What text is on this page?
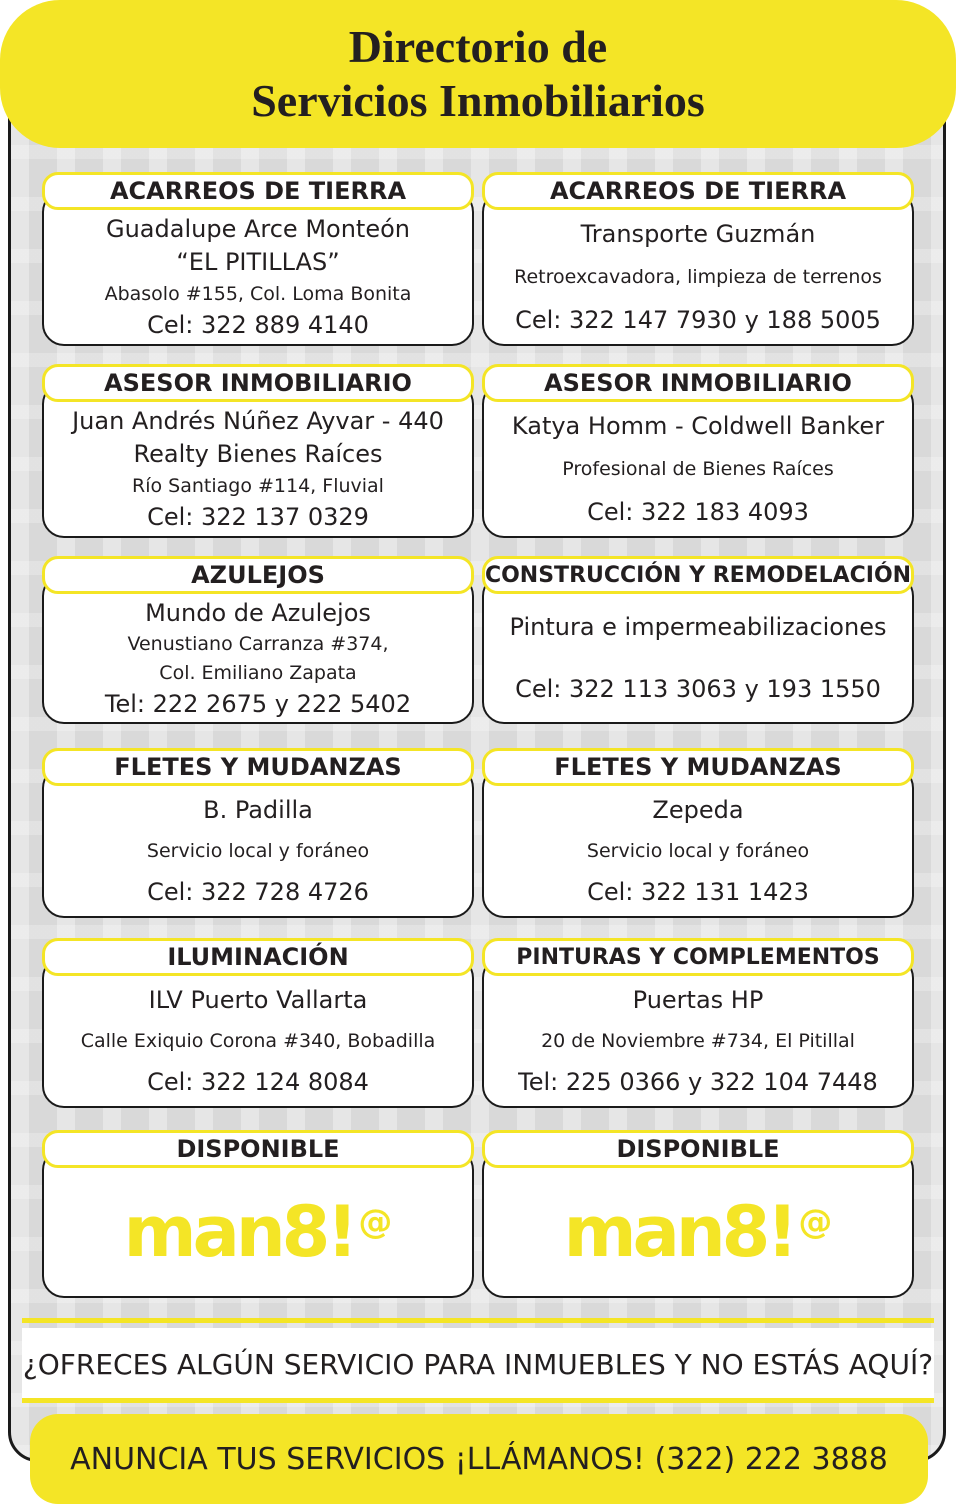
Directorio de
Servicios Inmobiliarios
ACARREOS DE TIERRA
Guadalupe Arce Monteón
“EL PITILLAS”
Abasolo #155, Col. Loma Bonita
Cel: 322 889 4140
ACARREOS DE TIERRA
Transporte Guzmán
Retroexcavadora, limpieza de terrenos
Cel: 322 147 7930 y 188 5005
ASESOR INMOBILIARIO
Juan Andrés Núñez Ayvar - 440
Realty Bienes Raíces
Río Santiago #114, Fluvial
Cel: 322 137 0329
ASESOR INMOBILIARIO
Katya Homm - Coldwell Banker
Profesional de Bienes Raíces
Cel: 322 183 4093
AZULEJOS
Mundo de Azulejos
Venustiano Carranza #374,
Col. Emiliano Zapata
Tel: 222 2675 y 222 5402
CONSTRUCCIÓN Y REMODELACIÓN
Pintura e impermeabilizaciones
Cel: 322 113 3063 y 193 1550
FLETES Y MUDANZAS
B. Padilla
Servicio local y foráneo
Cel: 322 728 4726
FLETES Y MUDANZAS
Zepeda
Servicio local y foráneo
Cel: 322 131 1423
ILUMINACIÓN
ILV Puerto Vallarta
Calle Exiquio Corona #340, Bobadilla
Cel: 322 124 8084
PINTURAS Y COMPLEMENTOS
Puertas HP
20 de Noviembre #734, El Pitillal
Tel: 225 0366 y 322 104 7448
DISPONIBLE
man8! @
DISPONIBLE
man8! @
¿OFRECES ALGÚN SERVICIO PARA INMUEBLES Y NO ESTÁS AQUÍ?
ANUNCIA TUS SERVICIOS ¡LLÁMANOS! (322) 222 3888
